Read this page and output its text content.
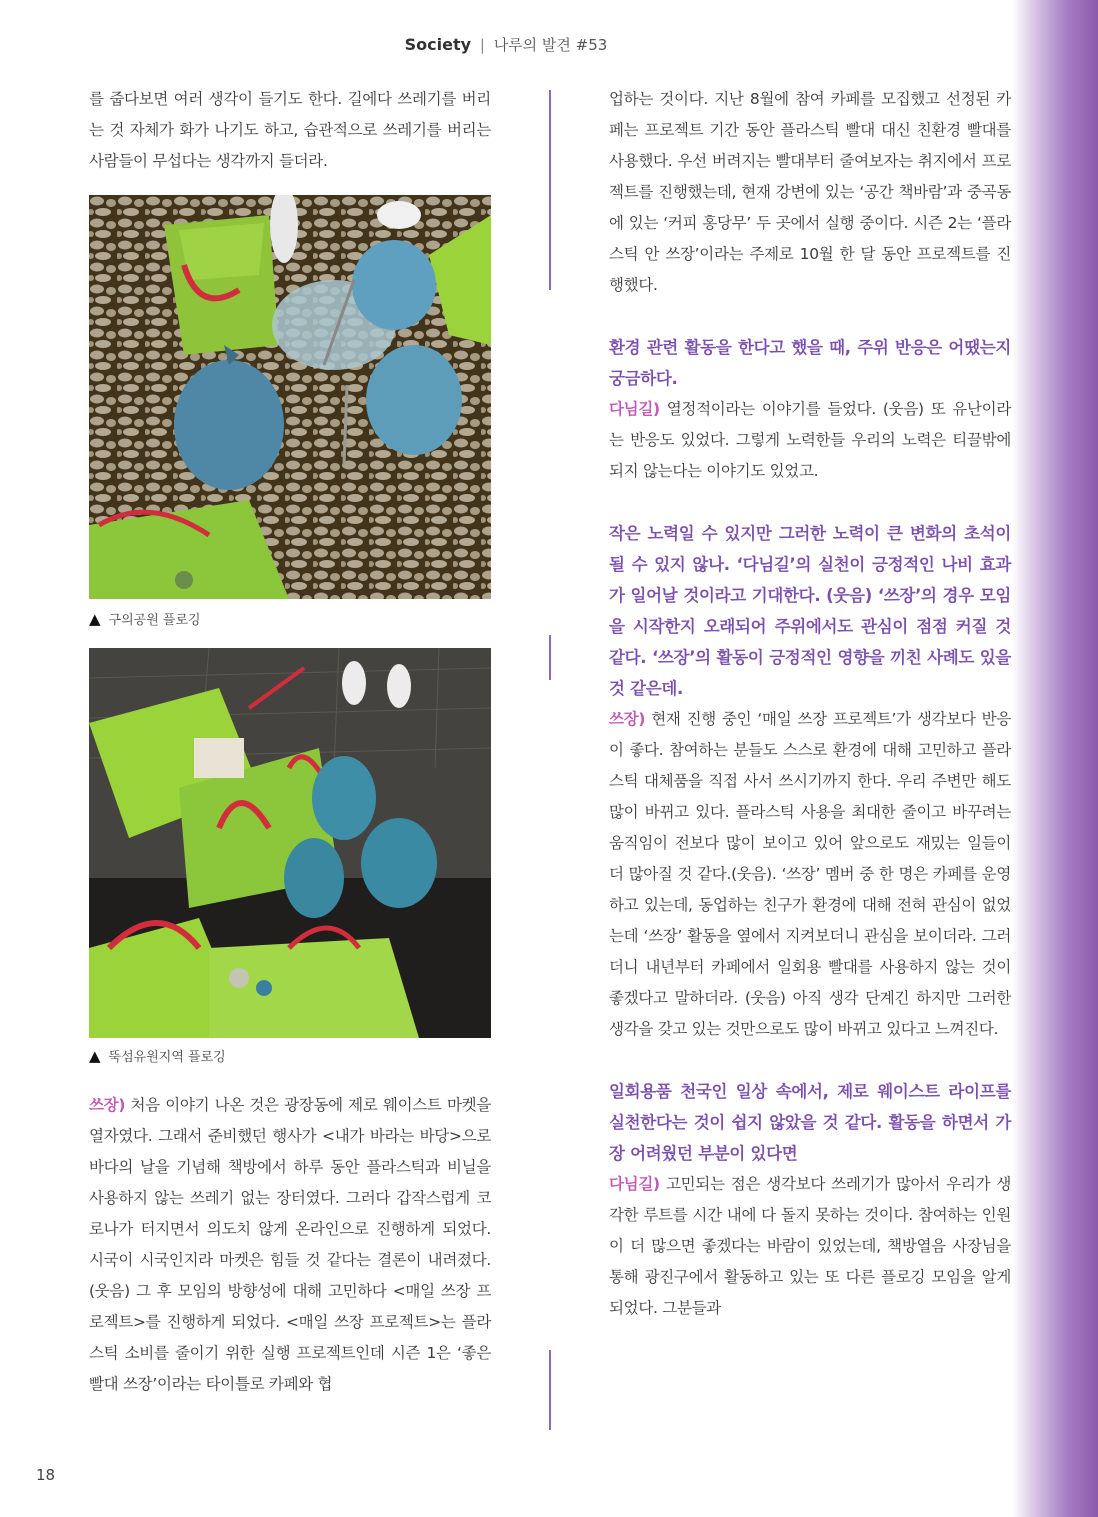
Society | 나루의 발견 #53

를 줍다보면 여러 생각이 들기도 한다. 길에다 쓰레기를 버리는 것 자체가 화가 나기도 하고, 습관적으로 쓰레기를 버리는 사람들이 무섭다는 생각까지 들더라.

▲ 구의공원 플로깅
▲ 뚝섬유원지역 플로깅

쓰장) 처음 이야기 나온 것은 광장동에 제로 웨이스트 마켓을 열자였다. 그래서 준비했던 행사가 <내가 바라는 바당>으로 바다의 날을 기념해 책방에서 하루 동안 플라스틱과 비닐을 사용하지 않는 쓰레기 없는 장터였다. 그러다 갑작스럽게 코로나가 터지면서 의도치 않게 온라인으로 진행하게 되었다. 시국이 시국인지라 마켓은 힘들 것 같다는 결론이 내려졌다. (웃음) 그 후 모임의 방향성에 대해 고민하다 <매일 쓰장 프로젝트>를 진행하게 되었다. <매일 쓰장 프로젝트>는 플라스틱 소비를 줄이기 위한 실행 프로젝트인데 시즌 1은 ‘좋은 빨대 쓰장’이라는 타이틀로 카페와 협

업하는 것이다. 지난 8월에 참여 카페를 모집했고 선정된 카페는 프로젝트 기간 동안 플라스틱 빨대 대신 친환경 빨대를 사용했다. 우선 버려지는 빨대부터 줄여보자는 취지에서 프로젝트를 진행했는데, 현재 강변에 있는 ‘공간 책바람’과 중곡동에 있는 ‘커피 홍당무’ 두 곳에서 실행 중이다. 시즌 2는 ‘플라스틱 안 쓰장’이라는 주제로 10월 한 달 동안 프로젝트를 진행했다.

환경 관련 활동을 한다고 했을 때, 주위 반응은 어땠는지 궁금하다.

다님길) 열정적이라는 이야기를 들었다. (웃음) 또 유난이라는 반응도 있었다. 그렇게 노력한들 우리의 노력은 티끌밖에 되지 않는다는 이야기도 있었고.

작은 노력일 수 있지만 그러한 노력이 큰 변화의 초석이 될 수 있지 않나. ‘다님길’의 실천이 긍정적인 나비 효과가 일어날 것이라고 기대한다. (웃음) ‘쓰장’의 경우 모임을 시작한지 오래되어 주위에서도 관심이 점점 커질 것 같다. ‘쓰장’의 활동이 긍정적인 영향을 끼친 사례도 있을 것 같은데.

쓰장) 현재 진행 중인 ‘매일 쓰장 프로젝트’가 생각보다 반응이 좋다. 참여하는 분들도 스스로 환경에 대해 고민하고 플라스틱 대체품을 직접 사서 쓰시기까지 한다. 우리 주변만 해도 많이 바뀌고 있다. 플라스틱 사용을 최대한 줄이고 바꾸려는 움직임이 전보다 많이 보이고 있어 앞으로도 재밌는 일들이 더 많아질 것 같다.(웃음). ‘쓰장’ 멤버 중 한 명은 카페를 운영하고 있는데, 동업하는 친구가 환경에 대해 전혀 관심이 없었는데 ‘쓰장’ 활동을 옆에서 지켜보더니 관심을 보이더라. 그러더니 내년부터 카페에서 일회용 빨대를 사용하지 않는 것이 좋겠다고 말하더라. (웃음) 아직 생각 단계긴 하지만 그러한 생각을 갖고 있는 것만으로도 많이 바뀌고 있다고 느껴진다.

일회용품 천국인 일상 속에서, 제로 웨이스트 라이프를 실천한다는 것이 쉽지 않았을 것 같다. 활동을 하면서 가장 어려웠던 부분이 있다면

다님길) 고민되는 점은 생각보다 쓰레기가 많아서 우리가 생각한 루트를 시간 내에 다 돌지 못하는 것이다. 참여하는 인원이 더 많으면 좋겠다는 바람이 있었는데, 책방열음 사장님을 통해 광진구에서 활동하고 있는 또 다른 플로깅 모임을 알게 되었다. 그분들과

18
